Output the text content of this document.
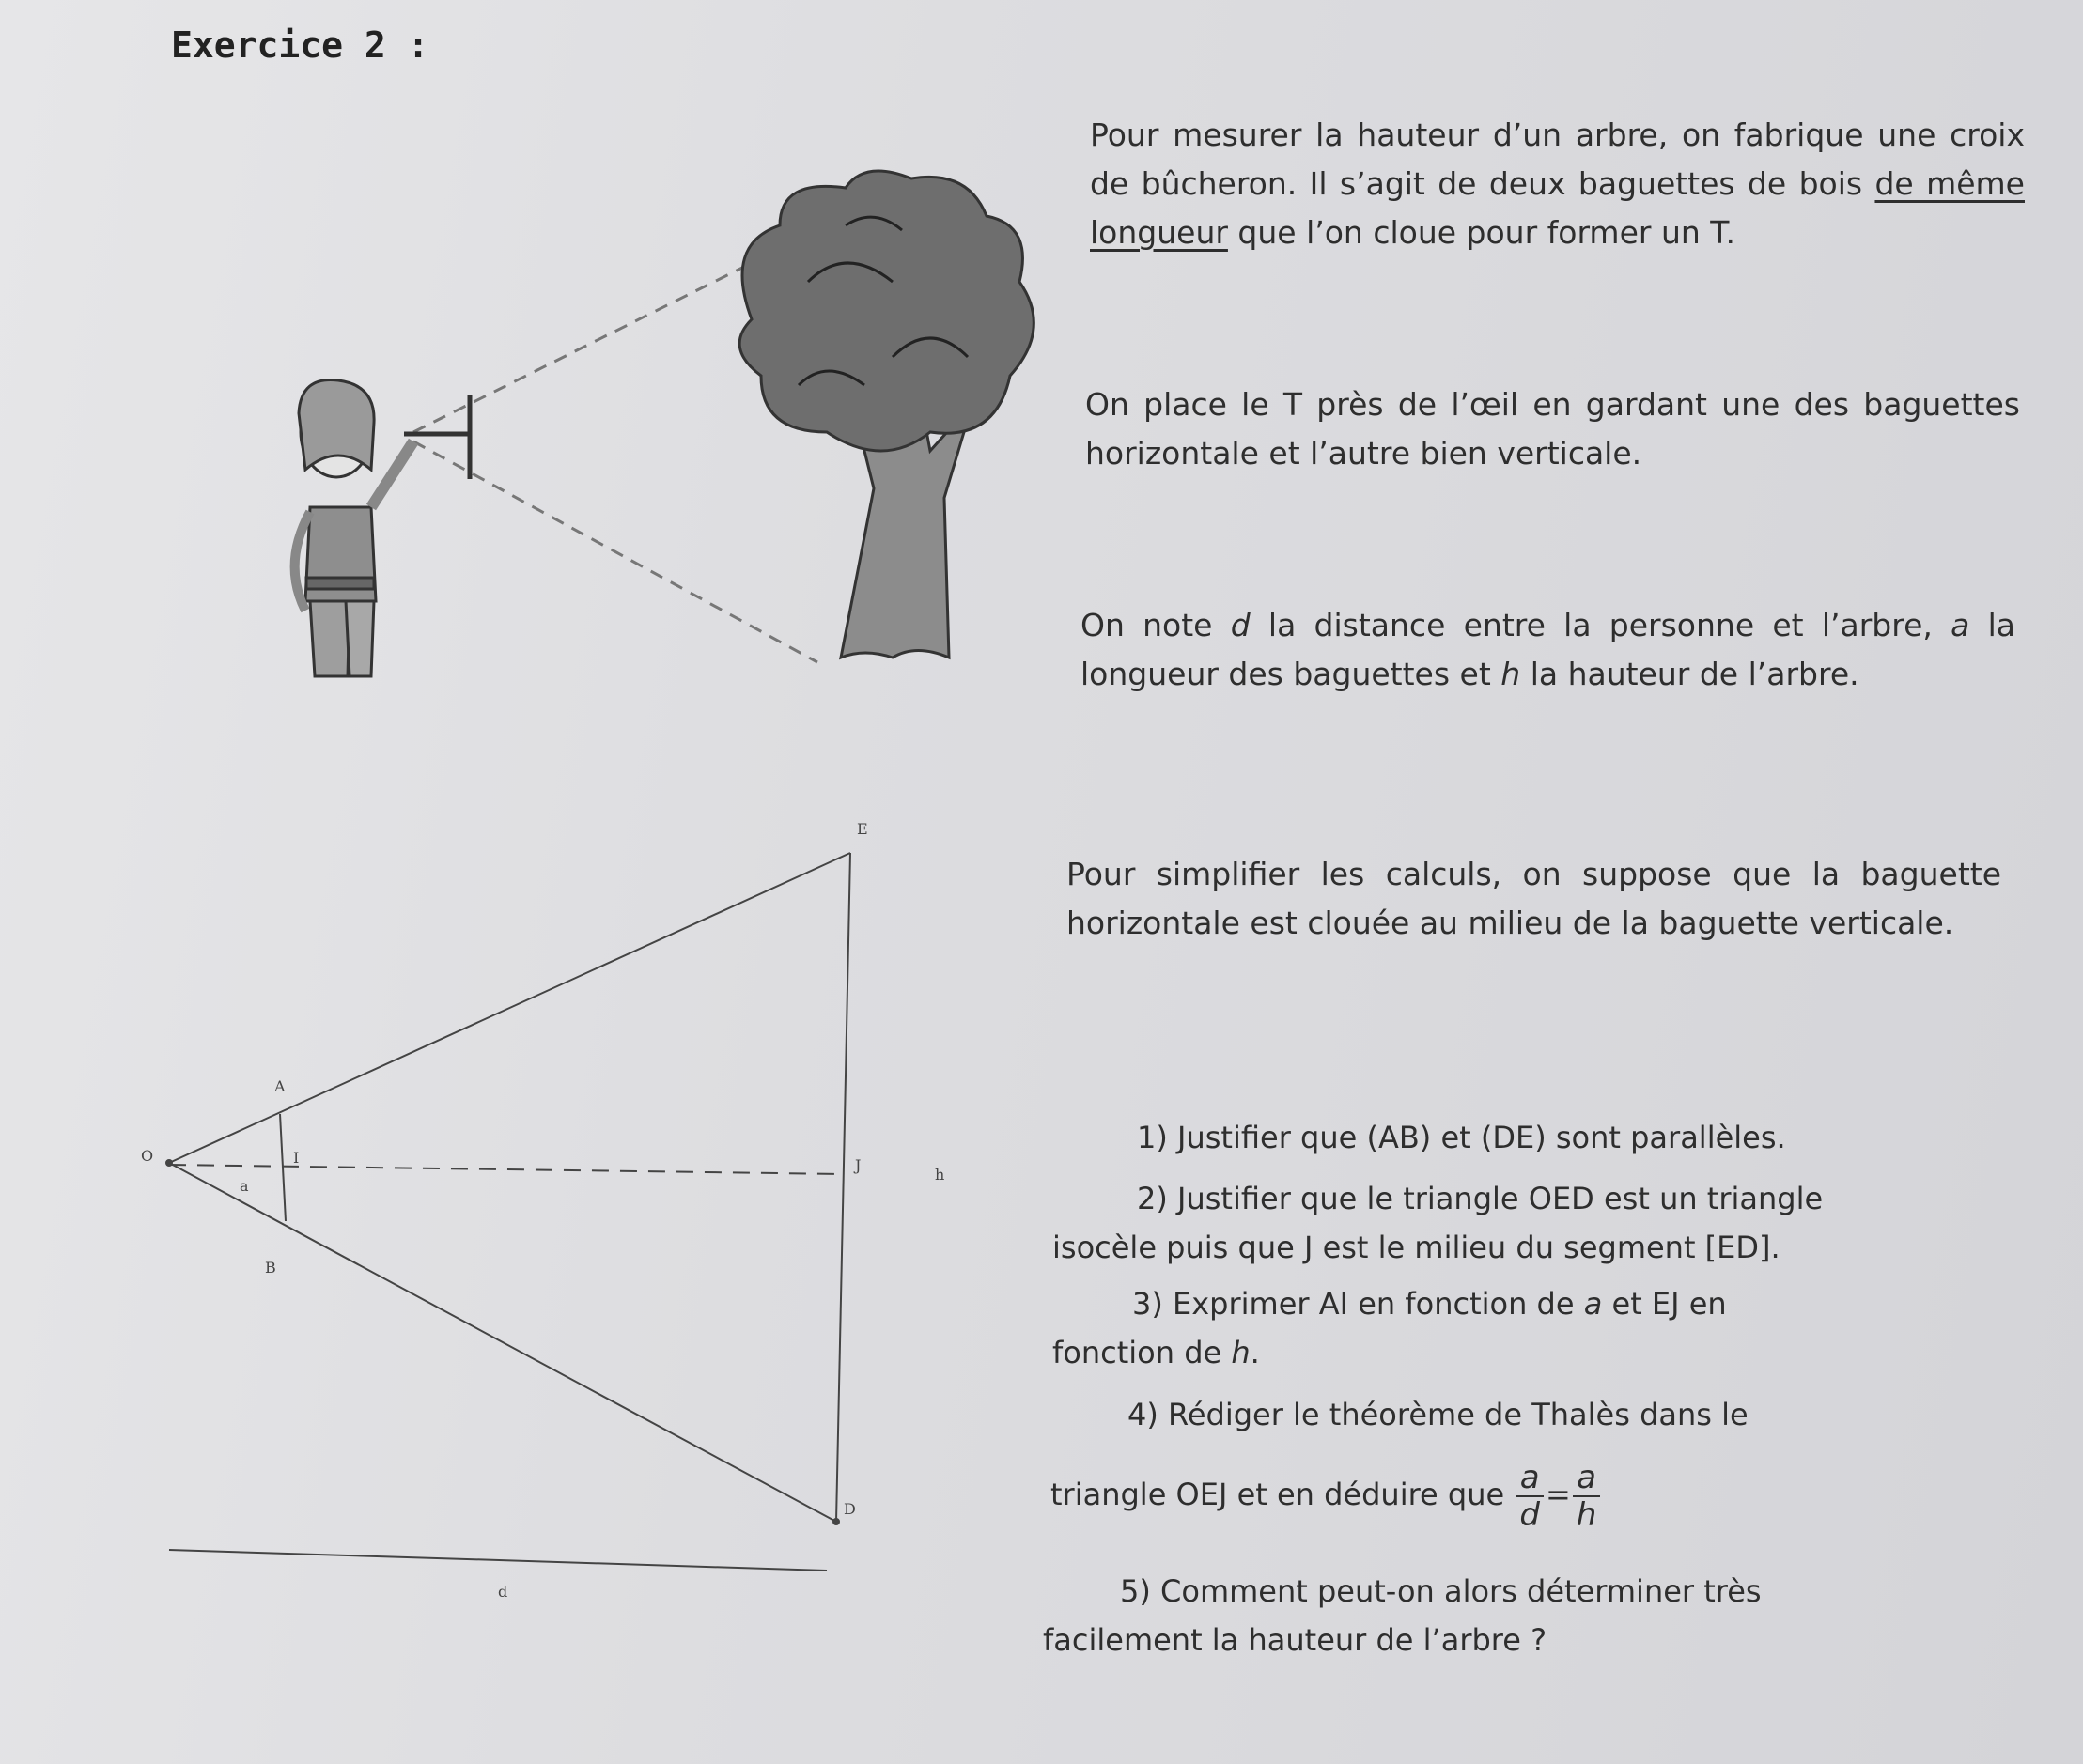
Exercice 2 :
O
A
B
I	J
E
D
a
h
d
Pour mesurer la hauteur d’un arbre, on fabrique une croix de bûcheron. Il s’agit de deux baguettes de bois de même longueur que l’on cloue pour former un T.
On place le T près de l’œil en gardant une des baguettes horizontale et l’autre bien verticale.
On note d la distance entre la personne et l’arbre, a la longueur des baguettes et h la hauteur de l’arbre.
Pour simplifier les calculs, on suppose que la baguette horizontale est clouée au milieu de la baguette verticale.
1) Justifier que (AB) et (DE) sont parallèles.
2) Justifier que le triangle OED est un triangle
isocèle puis que J est le milieu du segment [ED].
3) Exprimer AI en fonction de a et EJ en
fonction de h.
4) Rédiger le théorème de Thalès dans le
triangle OEJ et en déduire que $\frac{a}{d} = \frac{a}{h}$
5) Comment peut-on alors déterminer très
facilement la hauteur de l’arbre ?
